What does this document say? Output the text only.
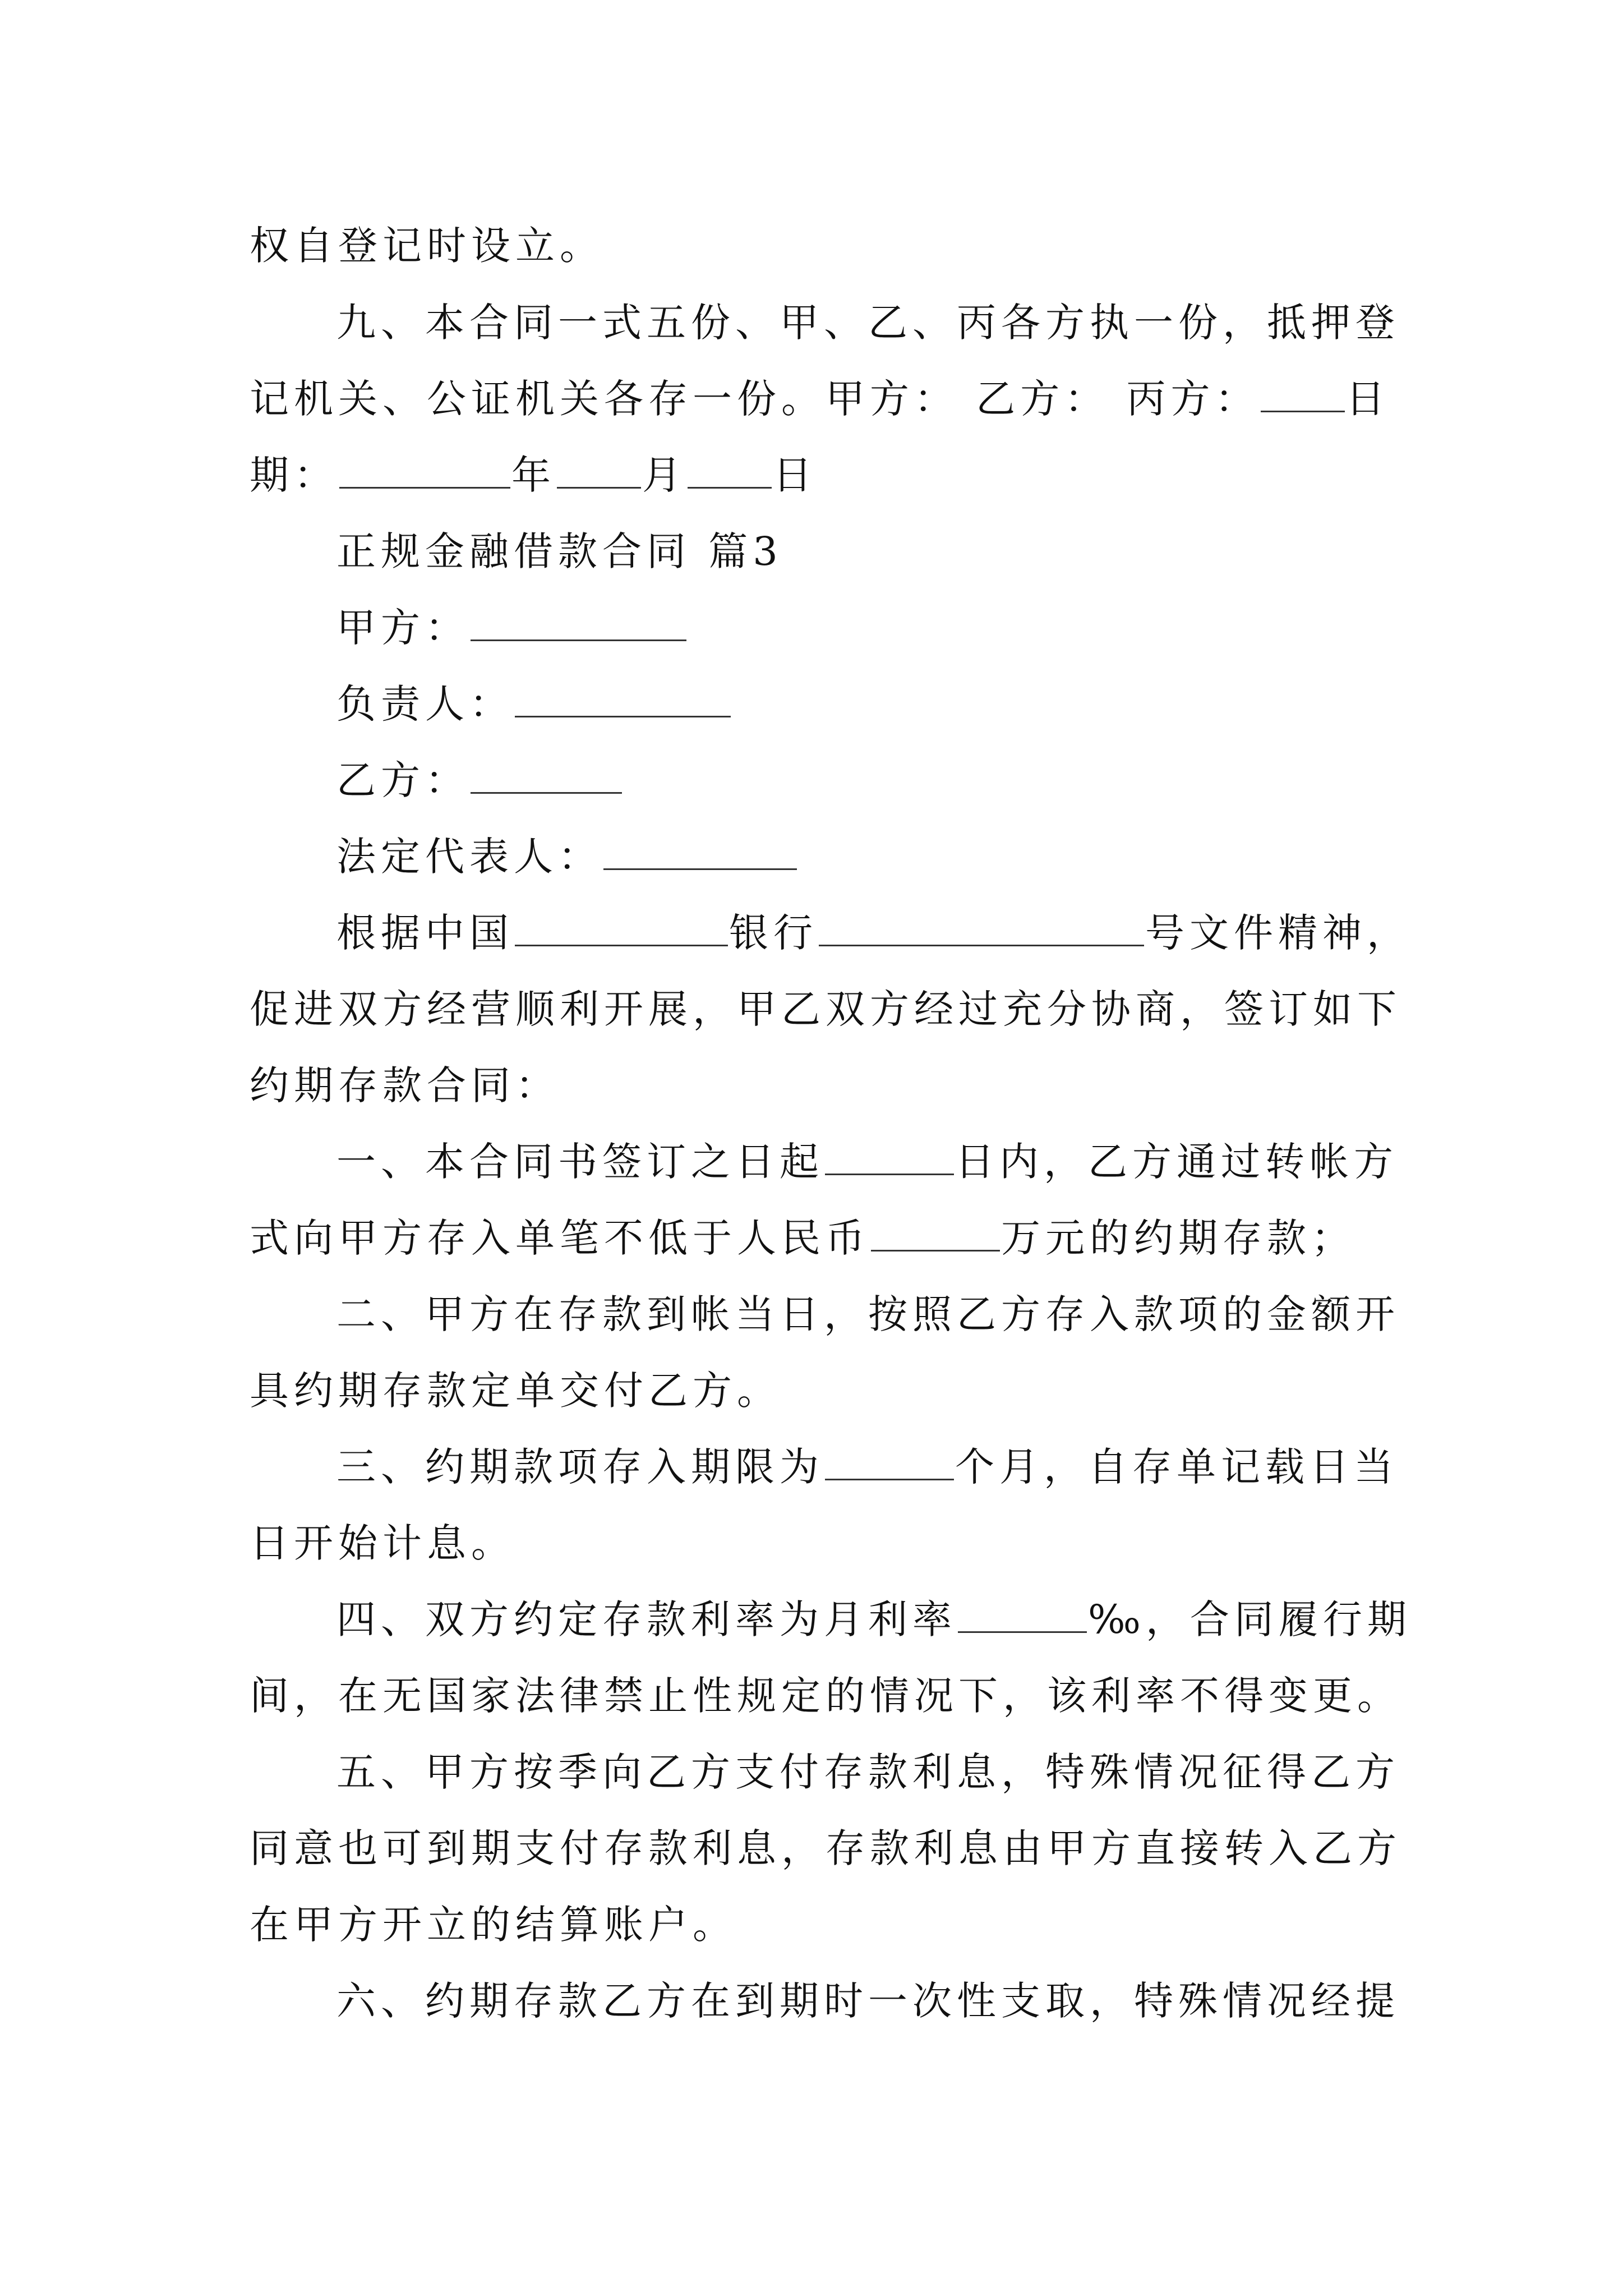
权自登记时设立。
九、本合同一式五份、甲、乙、丙各方执一份，抵押登
记机关、公证机关各存一份。甲方： 乙方： 丙方： 日
期：	年 月 日
正规金融借款合同 篇3
甲方：
负责人：
乙方：
法定代表人：
根据中国	银行	号文件精神，
促进双方经营顺利开展，甲乙双方经过充分协商，签订如下
约期存款合同：
一、本合同书签订之日起	日内，乙方通过转帐方
式向甲方存入单笔不低于人民币	万元的约期存款；
二、甲方在存款到帐当日，按照乙方存入款项的金额开
具约期存款定单交付乙方。
三、约期款项存入期限为	个月，自存单记载日当
日开始计息。
四、双方约定存款利率为月利率	‰，合同履行期
间，在无国家法律禁止性规定的情况下，该利率不得变更。
五、甲方按季向乙方支付存款利息，特殊情况征得乙方
同意也可到期支付存款利息，存款利息由甲方直接转入乙方
在甲方开立的结算账户。
六、约期存款乙方在到期时一次性支取，特殊情况经提
